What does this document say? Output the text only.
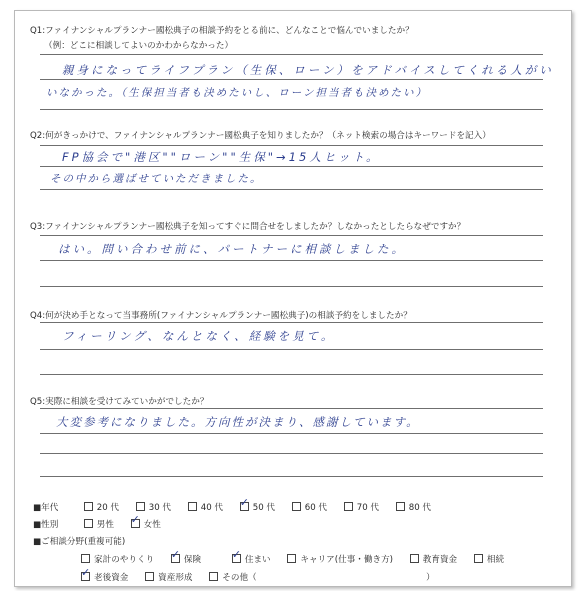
Q1:ファイナンシャルプランナー國松典子の相談予約をとる前に、どんなことで悩んでいましたか？
（例：どこに相談してよいのかわからなかった）
親身になってライフプラン（生保、ローン）をアドバイスしてくれる人がい
いなかった。（生保担当者も決めたいし、ローン担当者も決めたい）
Q2:何がきっかけで、ファイナンシャルプランナー國松典子を知りましたか？（ネット検索の場合はキーワードを記入）
FP協会で"港区""ローン""生保"→15人ヒット。
その中から選ばせていただきました。
Q3:ファイナンシャルプランナー國松典子を知ってすぐに問合せをしましたか？しなかったとしたらなぜですか？
はい。問い合わせ前に、パートナーに相談しました。
Q4:何が決め手となって当事務所(ファイナンシャルプランナー國松典子)の相談予約をしましたか？
フィーリング、なんとなく、経験を見て。
Q5:実際に相談を受けてみていかがでしたか？
大変参考になりました。方向性が決まり、感謝しています。
■年代	20 代	30 代	40 代 ✓	50 代	60 代	70 代	80 代
■性別	男性 ✓	女性
■ご相談分野(重複可能)
家計のやりくり ✓	保険 ✓	住まい	キャリア(仕事・働き方)	教育資金	相続
✓老後資金	資産形成	その他（	）
